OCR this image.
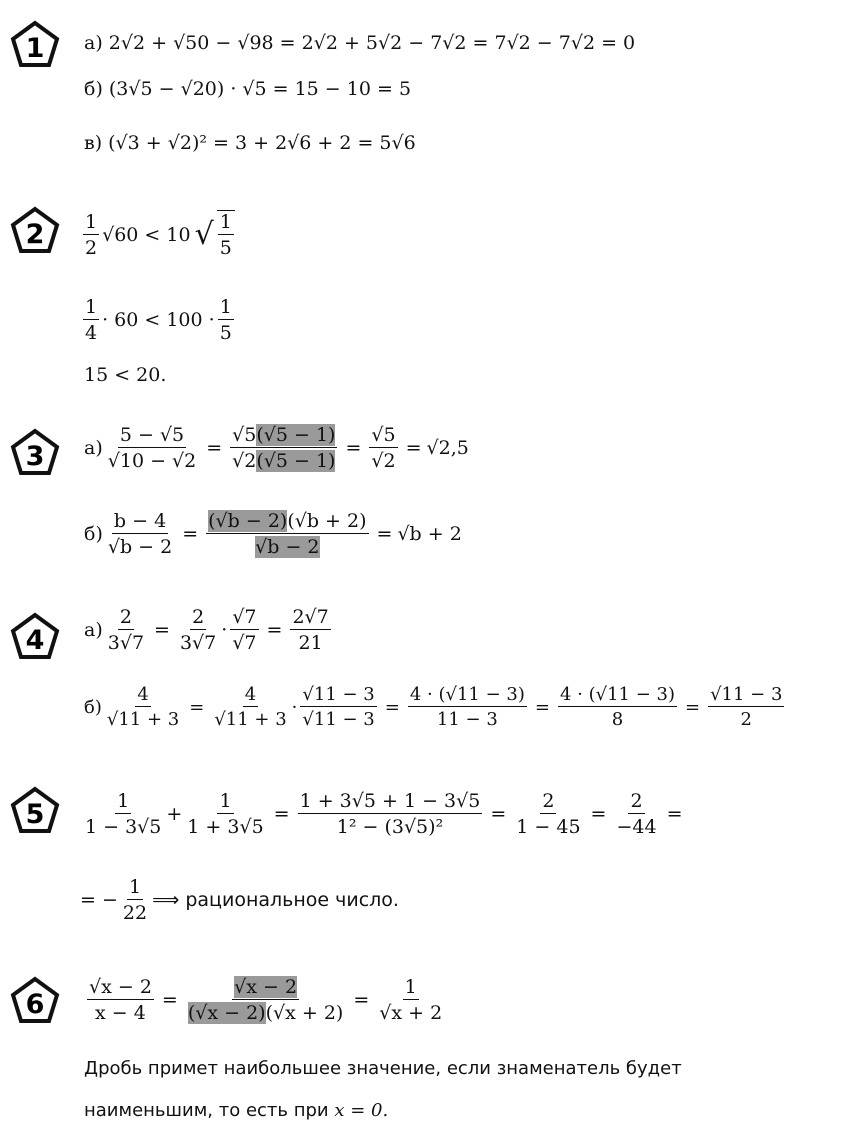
1
2
3
4
5
6
а) 2√2 + √50 − √98 = 2√2 + 5√2 − 7√2 = 7√2 − 7√2 = 0
б) (3√5 − √20) · √5 = 15 − 10 = 5
в) (√3 + √2)² = 3 + 2√6 + 2 = 5√6
$\frac{1}{2} √60 < 10$ √ $\frac{1}{5}$
$\frac{1}{4} \cdot 60 < 100 \cdot \frac{1}{5}$
15 < 20.
$а) \frac{5 - √5}{√10 - √2} = \frac{√5(√5 - 1)}{√2(√5 - 1)} = \frac{√5}{√2} = √2,5$
$б) \frac{b - 4}{√b - 2} = \frac{(√b - 2)(√b + 2)}{√b - 2} = √b + 2$
$а) \frac{2}{3√7} = \frac{2}{3√7} \cdot \frac{√7}{√7} = \frac{2√7}{21}$
$б) \frac{4}{√11 + 3} = \frac{4}{√11 + 3} \cdot \frac{√11 - 3}{√11 - 3} = \frac{4 \cdot (√11 - 3)}{11 - 3} = \frac{4 \cdot (√11 - 3)}{8} = \frac{√11 - 3}{2}$
$\frac{1}{1 - 3√5} + \frac{1}{1 + 3√5} = \frac{1 + 3√5 + 1 - 3√5}{\text{1² − (3√5)²}} = \frac{2}{1 - 45} = \frac{2}{-44}$ =
= − $\frac{1}{22}$ ⟹ рациональное число.
$\frac{√x - 2}{x - 4} = \frac{√x - 2}{(√x - 2)(√x + 2)} = \frac{1}{√x + 2}$
Дробь примет наибольшее значение, если знаменатель будет
наименьшим, то есть при x = 0.
